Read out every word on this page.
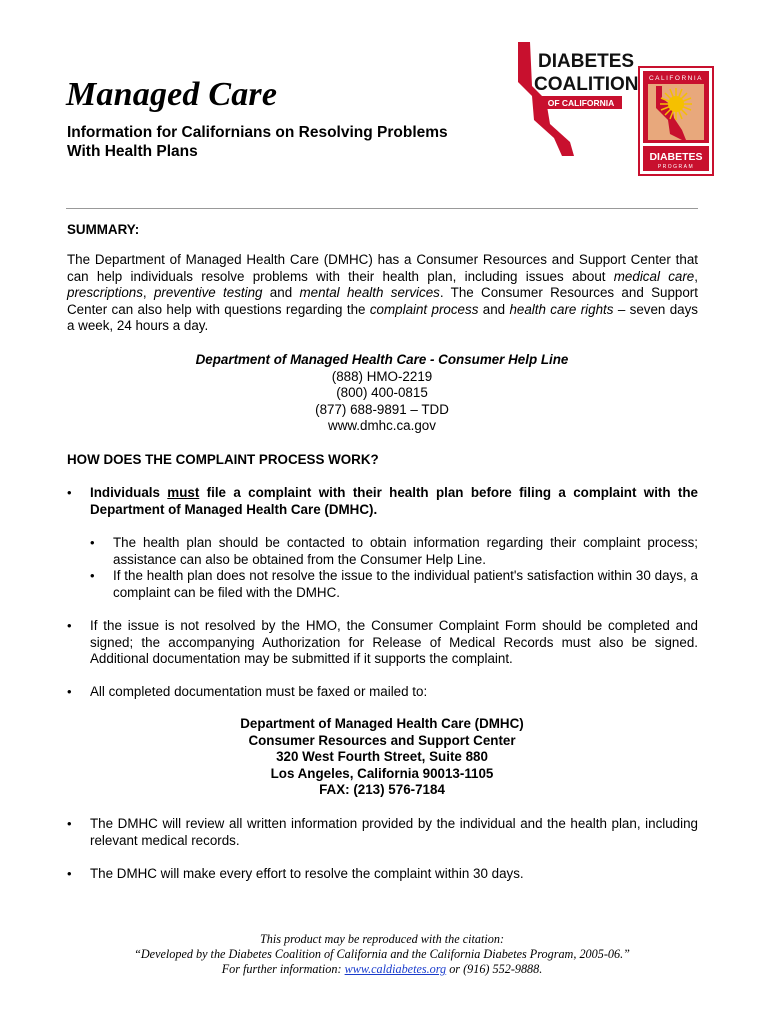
Managed Care
Information for Californians on Resolving Problems
With Health Plans
DIABETES
COALITION
OF CALIFORNIA
CALIFORNIA
DIABETES
PROGRAM
SUMMARY:

The Department of Managed Health Care (DMHC) has a Consumer Resources and Support Center that can help individuals resolve problems with their health plan, including issues about medical care, prescriptions, preventive testing and mental health services. The Consumer Resources and Support Center can also help with questions regarding the complaint process and health care rights – seven days a week, 24 hours a day.

Department of Managed Health Care - Consumer Help Line
(888) HMO-2219
(800) 400-0815
(877) 688-9891 – TDD
www.dmhc.ca.gov
HOW DOES THE COMPLAINT PROCESS WORK?
•	Individuals must file a complaint with their health plan before filing a complaint with the Department of Managed Health Care (DMHC).
•	The health plan should be contacted to obtain information regarding their complaint process; assistance can also be obtained from the Consumer Help Line.
•	If the health plan does not resolve the issue to the individual patient's satisfaction within 30 days, a complaint can be filed with the DMHC.
•	If the issue is not resolved by the HMO, the Consumer Complaint Form should be completed and signed; the accompanying Authorization for Release of Medical Records must also be signed. Additional documentation may be submitted if it supports the complaint.
•	All completed documentation must be faxed or mailed to:
Department of Managed Health Care (DMHC)
Consumer Resources and Support Center
320 West Fourth Street, Suite 880
Los Angeles, California 90013-1105
FAX: (213) 576-7184
•	The DMHC will review all written information provided by the individual and the health plan, including relevant medical records.
•	The DMHC will make every effort to resolve the complaint within 30 days.
This product may be reproduced with the citation:
“Developed by the Diabetes Coalition of California and the California Diabetes Program, 2005-06.”
For further information: www.caldiabetes.org or (916) 552-9888.
